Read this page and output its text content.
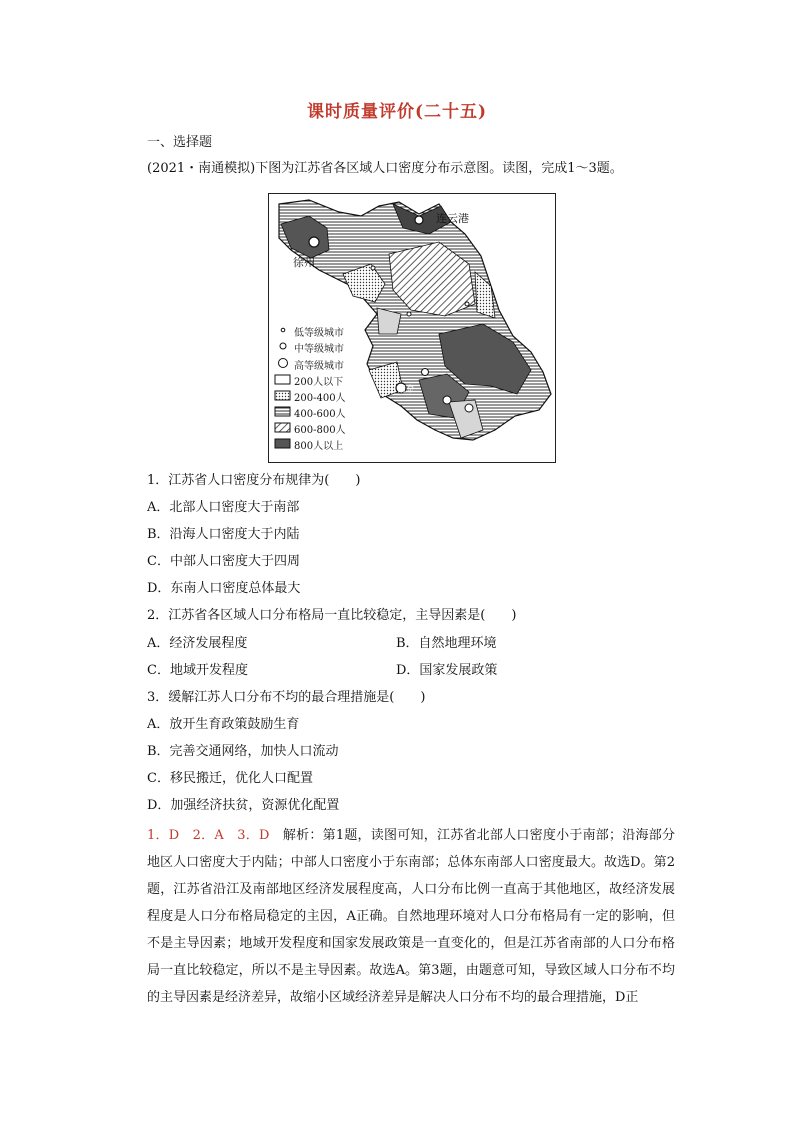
课时质量评价(二十五)
一、选择题
(2021・南通模拟)下图为江苏省各区域人口密度分布示意图。读图，完成1～3题。
连云港
徐州
南京
低等级城市
中等级城市
高等级城市
200人以下
200-400人
400-600人
600-800人
800人以上
1．江苏省人口密度分布规律为(　　)
A．北部人口密度大于南部
B．沿海人口密度大于内陆
C．中部人口密度大于四周
D．东南人口密度总体最大
2．江苏省各区域人口分布格局一直比较稳定，主导因素是(　　)
A．经济发展程度	B．自然地理环境
C．地域开发程度	D．国家发展政策
3．缓解江苏人口分布不均的最合理措施是(　　)
A．放开生育政策鼓励生育
B．完善交通网络，加快人口流动
C．移民搬迁，优化人口配置
D．加强经济扶贫，资源优化配置
1．D　2．A　3．D　解析：第1题，读图可知，江苏省北部人口密度小于南部；沿海部分地区人口密度大于内陆；中部人口密度小于东南部；总体东南部人口密度最大。故选D。第2题，江苏省沿江及南部地区经济发展程度高，人口分布比例一直高于其他地区，故经济发展程度是人口分布格局稳定的主因，A正确。自然地理环境对人口分布格局有一定的影响，但不是主导因素；地域开发程度和国家发展政策是一直变化的，但是江苏省南部的人口分布格局一直比较稳定，所以不是主导因素。故选A。第3题，由题意可知，导致区域人口分布不均的主导因素是经济差异，故缩小区域经济差异是解决人口分布不均的最合理措施，D正
